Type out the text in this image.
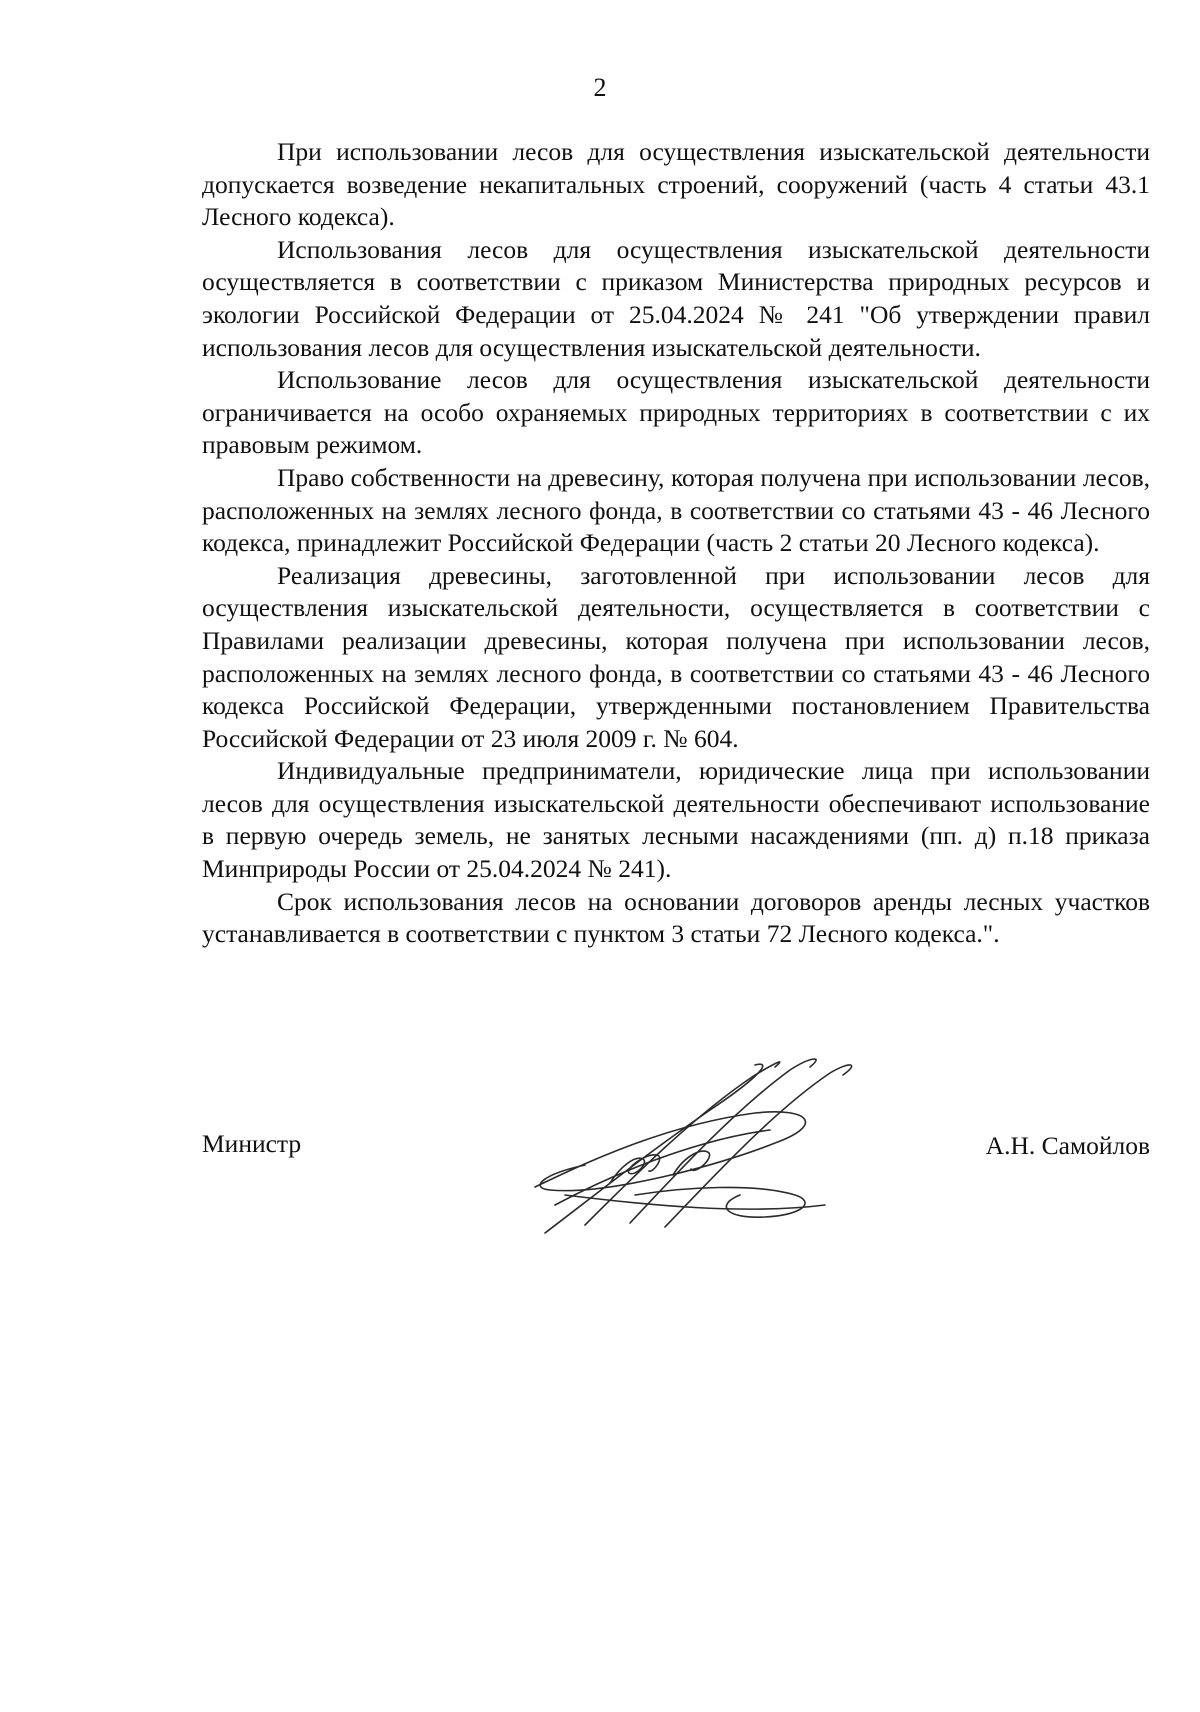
2

При использовании лесов для осуществления изыскательской деятельности допускается возведение некапитальных строений, сооружений (часть 4 статьи 43.1 Лесного кодекса).

Использования лесов для осуществления изыскательской деятельности осуществляется в соответствии с приказом Министерства природных ресурсов и экологии Российской Федерации от 25.04.2024 № 241 "Об утверждении правил использования лесов для осуществления изыскательской деятельности.

Использование лесов для осуществления изыскательской деятельности ограничивается на особо охраняемых природных территориях в соответствии с их правовым режимом.

Право собственности на древесину, которая получена при использовании лесов, расположенных на землях лесного фонда, в соответствии со статьями 43 - 46 Лесного кодекса, принадлежит Российской Федерации (часть 2 статьи 20 Лесного кодекса).

Реализация древесины, заготовленной при использовании лесов для осуществления изыскательской деятельности, осуществляется в соответствии с Правилами реализации древесины, которая получена при использовании лесов, расположенных на землях лесного фонда, в соответствии со статьями 43 - 46 Лесного кодекса Российской Федерации, утвержденными постановлением Правительства Российской Федерации от 23 июля 2009 г. № 604.

Индивидуальные предприниматели, юридические лица при использовании лесов для осуществления изыскательской деятельности обеспечивают использование в первую очередь земель, не занятых лесными насаждениями (пп. д) п.18 приказа Минприроды России от 25.04.2024 № 241).

Срок использования лесов на основании договоров аренды лесных участков устанавливается в соответствии с пунктом 3 статьи 72 Лесного кодекса.".

Министр	А.Н. Самойлов
